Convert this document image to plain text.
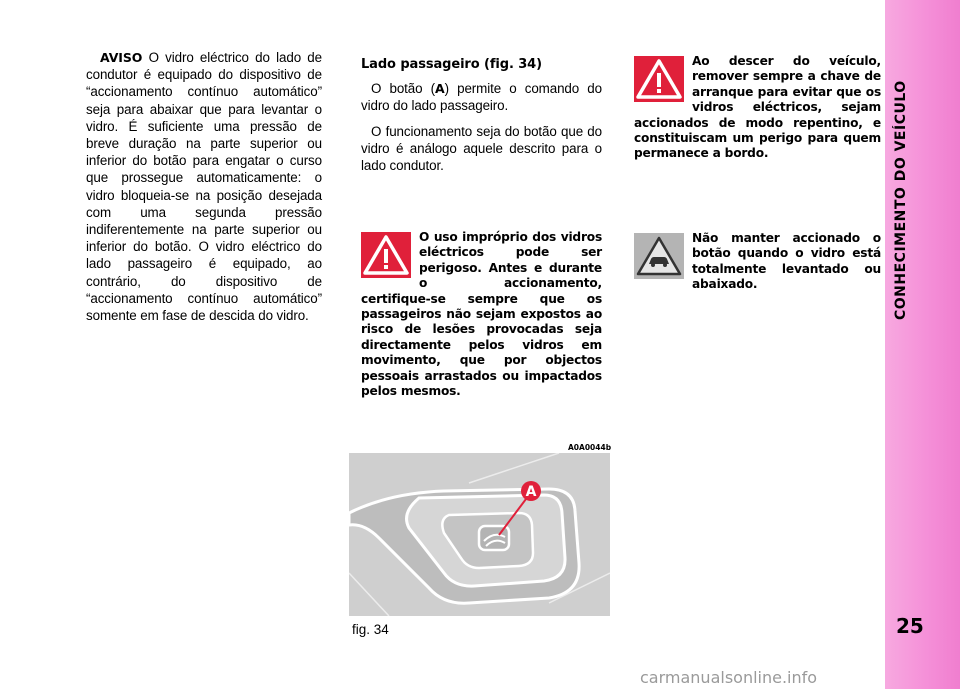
CONHECIMENTO DO VEÍCULO
25
AVISO O vidro eléctrico do lado de condutor é equipado do dispositivo de “accionamento contínuo automático” seja para abaixar que para levantar o vidro. É suficiente uma pressão de breve duração na parte superior ou inferior do botão para engatar o curso que prossegue automaticamente: o vidro bloqueia-se na posição desejada com uma segunda pressão indiferentemente na parte superior ou inferior do botão. O vidro eléctrico do lado passageiro é equipado, ao contrário, do dispositivo de “accionamento contínuo automático” somente em fase de descida do vidro.
Lado passageiro (fig. 34)

O botão (A) permite o comando do vidro do lado passageiro.

O funcionamento seja do botão que do vidro é análogo aquele descrito para o lado condutor.

Ao descer do veículo, remover sempre a chave de arranque para evitar que os vidros eléctricos, sejam accionados de modo repentino, e constituiscam um perigo para quem permanece a bordo.
O uso impróprio dos vidros eléctricos pode ser perigoso. Antes e durante o accionamento, certifique-se sempre que os passageiros não sejam expostos ao risco de lesões provocadas seja directamente pelos vidros em movimento, que por objectos pessoais arrastados ou impactados pelos mesmos.
Não manter accionado o botão quando o vidro está totalmente levantado ou abaixado.
A0A0044b
A
fig. 34
carmanualsonline.info
